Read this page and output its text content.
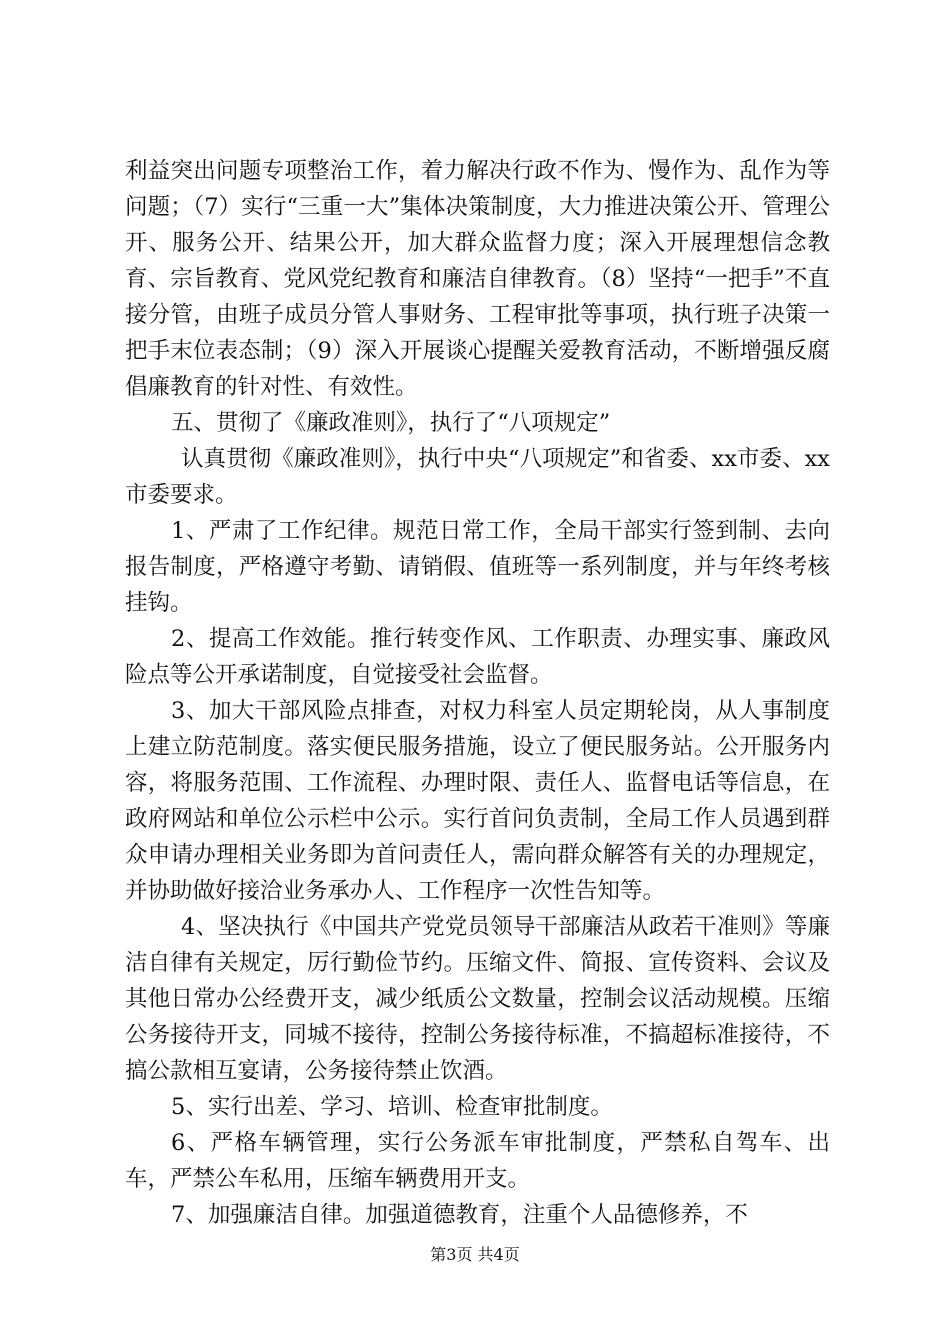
利益突出问题专项整治工作，着力解决行政不作为、慢作为、乱作为等问题；（7）实行“三重一大”集体决策制度，大力推进决策公开、管理公开、服务公开、结果公开，加大群众监督力度；深入开展理想信念教育、宗旨教育、党风党纪教育和廉洁自律教育。（8）坚持“一把手”不直接分管，由班子成员分管人事财务、工程审批等事项，执行班子决策一把手末位表态制；（9）深入开展谈心提醒关爱教育活动，不断增强反腐倡廉教育的针对性、有效性。

五、贯彻了《廉政准则》，执行了“八项规定”

认真贯彻《廉政准则》，执行中央“八项规定”和省委、xx市委、xx市委要求。

1、严肃了工作纪律。规范日常工作，全局干部实行签到制、去向报告制度，严格遵守考勤、请销假、值班等一系列制度，并与年终考核挂钩。

2、提高工作效能。推行转变作风、工作职责、办理实事、廉政风险点等公开承诺制度，自觉接受社会监督。

3、加大干部风险点排查，对权力科室人员定期轮岗，从人事制度上建立防范制度。落实便民服务措施，设立了便民服务站。公开服务内容，将服务范围、工作流程、办理时限、责任人、监督电话等信息，在政府网站和单位公示栏中公示。实行首问负责制，全局工作人员遇到群众申请办理相关业务即为首问责任人，需向群众解答有关的办理规定，并协助做好接洽业务承办人、工作程序一次性告知等。

4、坚决执行《中国共产党党员领导干部廉洁从政若干准则》等廉洁自律有关规定，厉行勤俭节约。压缩文件、简报、宣传资料、会议及其他日常办公经费开支，减少纸质公文数量，控制会议活动规模。压缩公务接待开支，同城不接待，控制公务接待标准，不搞超标准接待，不搞公款相互宴请，公务接待禁止饮酒。

5、实行出差、学习、培训、检查审批制度。

6、严格车辆管理，实行公务派车审批制度，严禁私自驾车、出车，严禁公车私用，压缩车辆费用开支。

7、加强廉洁自律。加强道德教育，注重个人品德修养，不

第3页 共4页
